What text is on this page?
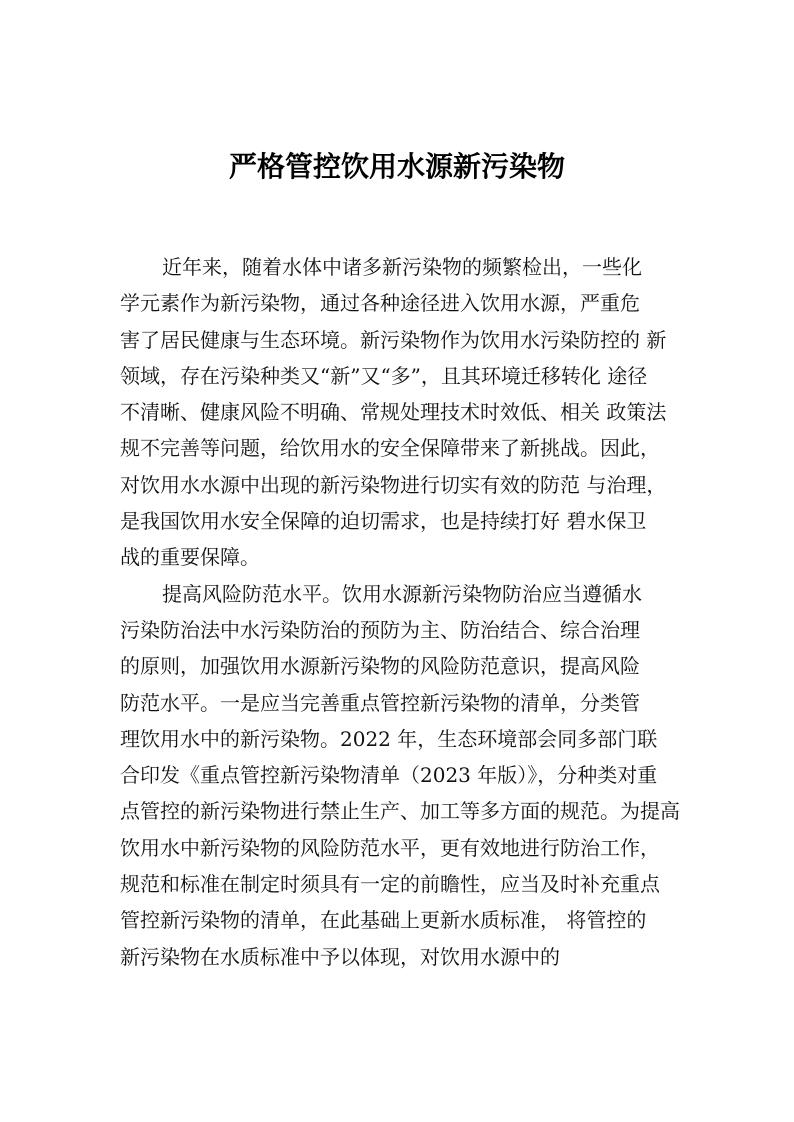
严格管控饮用水源新污染物
近年来，随着水体中诸多新污染物的频繁检出，一些化
学元素作为新污染物，通过各种途径进入饮用水源，严重危
害了居民健康与生态环境。新污染物作为饮用水污染防控的 新
领域，存在污染种类又“新”又“多”，且其环境迁移转化 途径
不清晰、健康风险不明确、常规处理技术时效低、相关 政策法
规不完善等问题，给饮用水的安全保障带来了新挑战。因此，
对饮用水水源中出现的新污染物进行切实有效的防范 与治理，
是我国饮用水安全保障的迫切需求，也是持续打好 碧水保卫
战的重要保障。
提高风险防范水平。饮用水源新污染物防治应当遵循水
污染防治法中水污染防治的预防为主、防治结合、综合治理
的原则，加强饮用水源新污染物的风险防范意识，提高风险
防范水平。一是应当完善重点管控新污染物的清单，分类管
理饮用水中的新污染物。2022 年，生态环境部会同多部门联
合印发《重点管控新污染物清单（2023 年版）》，分种类对重
点管控的新污染物进行禁止生产、加工等多方面的规范。为提高
饮用水中新污染物的风险防范水平，更有效地进行防治工作，
规范和标准在制定时须具有一定的前瞻性，应当及时补充重点
管控新污染物的清单，在此基础上更新水质标准， 将管控的
新污染物在水质标准中予以体现，对饮用水源中的
